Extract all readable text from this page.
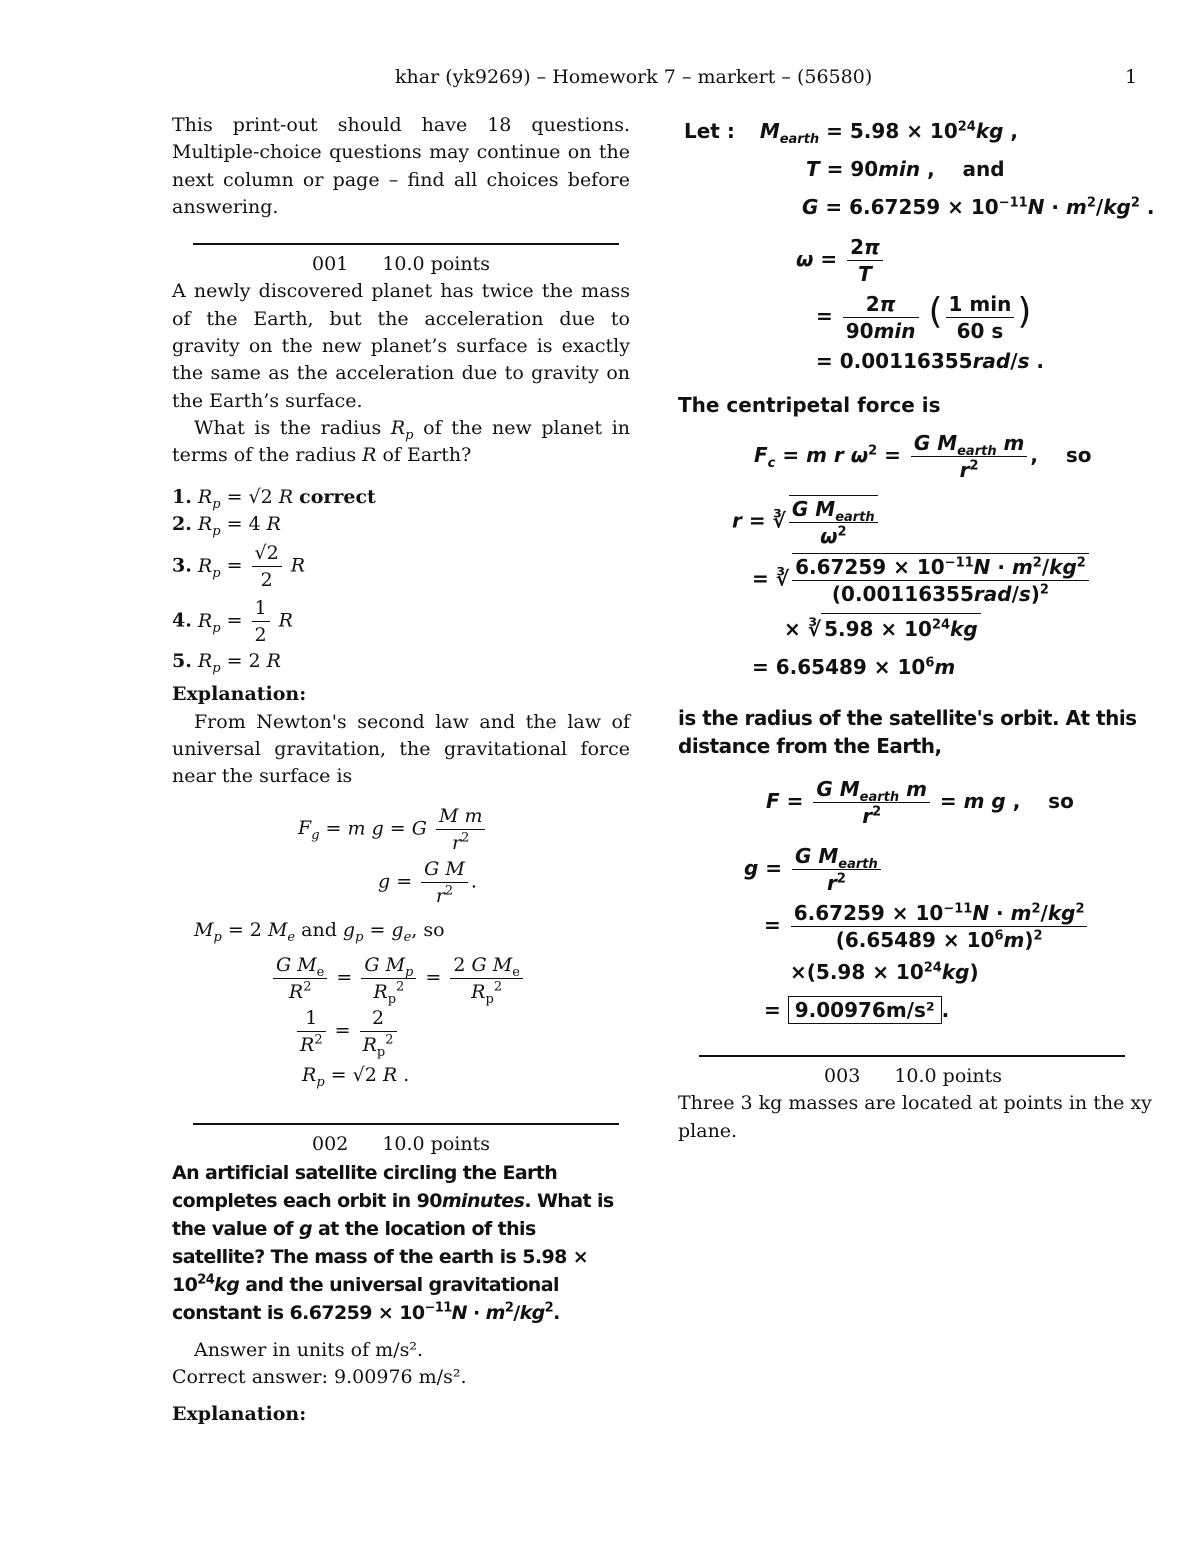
khar (yk9269) – Homework 7 – markert – (56580)	1
This print-out should have 18 questions. Multiple-choice questions may continue on the next column or page – find all choices before answering.
001 10.0 points
A newly discovered planet has twice the mass of the Earth, but the acceleration due to gravity on the new planet’s surface is exactly the same as the acceleration due to gravity on the Earth’s surface.
What is the radius $R_p$ of the new planet in terms of the radius R of Earth?
1. $R_p = √2$ R correct
2. $R_p = 4$ R
3. $R_p = \frac{√2}{2}$ R
4. $R_p = \frac{1}{2}$ R
5. $R_p = 2$ R
Explanation:
From Newton's second law and the law of universal gravitation, the gravitational force near the surface is
$F_g = m$ g = G $\frac{\text{M m}}{r^2}$
$g = \frac{\text{G M}}{r^2}$ .
$M_p = 2$ $M_e$ and $g_p = g_e$, so
$\frac{G M_e}{R^2} = \frac{G M_p}{R_p^2} = \frac{2 G M_e}{R_p^2}$
$\frac{1}{R^2} = \frac{2}{R_p^2}$
$R_p = √2$ R .
002 10.0 points
An artificial satellite circling the Earth completes each orbit in 90minutes. What is the value of g at the location of this satellite? The mass of the earth is $5.98 \times 10^{24}kg$ and the universal gravitational constant is $6.67259 \times 10^{-11}N \cdot m^2/kg^2$.
Answer in units of m/s².
Correct answer: 9.00976 m/s².
Explanation:
Let : $M_{earth} = 5.98 \times 10^{24}kg$ ,
T = 90min ,    and
$G = 6.67259 \times 10^{-11}N \cdot m^2/kg^2$ .
$\omega = \frac{2\pi}{T}$
= $\frac{2\pi}{90\min}$ ( $\frac{1 \min}{60 s}$ )
= 0.00116355rad/s .
The centripetal force is
$F_c = m$ r $\omega^2 = \frac{G M_{earth} m}{r^2}$ ,    so
r = ∛ $\frac{G M_{earth}}{\omega^2}$
= ∛ $\frac{6.67259 \times 10^{-11}N \cdot m^2/kg^2}{(0.00116355rad/s)^2}$
× ∛ $5.98 \times 10^{24}kg$
= $6.65489 \times 10^6m$
is the radius of the satellite's orbit. At this distance from the Earth,
$F = \frac{G M_{earth} m}{r^2} = m$ g ,    so
$g = \frac{G M_{earth}}{r^2}$
= $\frac{6.67259 \times 10^{-11}N \cdot m^2/kg^2}{(6.65489 \times 10^6m)^2}$
$\times(5.98 \times 10^{24}kg)$
= 9.00976m/s² .
003 10.0 points
Three 3 kg masses are located at points in the xy plane.
